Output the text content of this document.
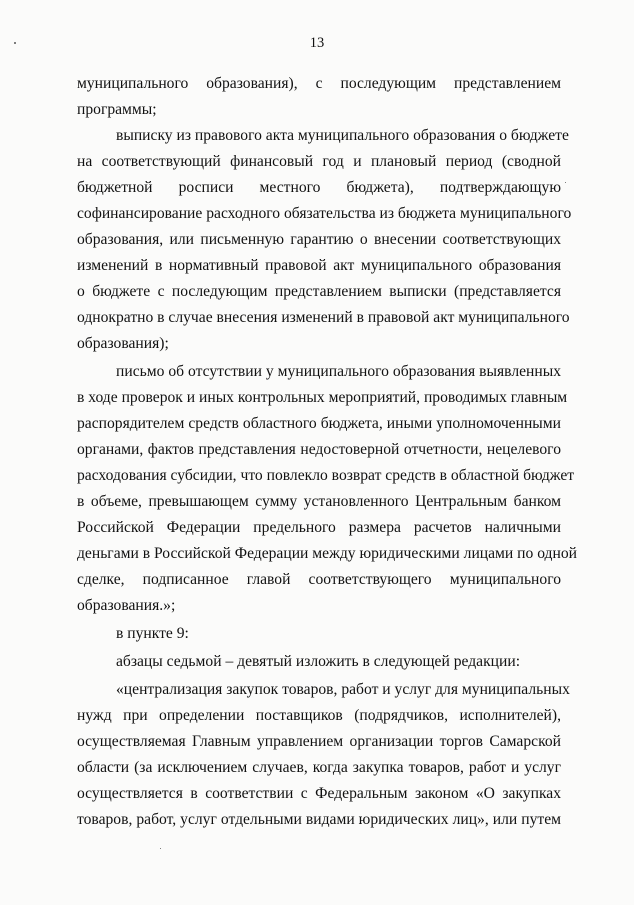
13
муниципального образования), с последующим представлением
программы;
выписку из правового акта муниципального образования о бюджете
на соответствующий финансовый год и плановый период (сводной
бюджетной росписи местного бюджета), подтверждающую
софинансирование расходного обязательства из бюджета муниципального
образования, или письменную гарантию о внесении соответствующих
изменений в нормативный правовой акт муниципального образования
о бюджете с последующим представлением выписки (представляется
однократно в случае внесения изменений в правовой акт муниципального
образования);
письмо об отсутствии у муниципального образования выявленных
в ходе проверок и иных контрольных мероприятий, проводимых главным
распорядителем средств областного бюджета, иными уполномоченными
органами, фактов представления недостоверной отчетности, нецелевого
расходования субсидии, что повлекло возврат средств в областной бюджет
в объеме, превышающем сумму установленного Центральным банком
Российской Федерации предельного размера расчетов наличными
деньгами в Российской Федерации между юридическими лицами по одной
сделке, подписанное главой соответствующего муниципального
образования.»;
в пункте 9:
абзацы седьмой – девятый изложить в следующей редакции:
«централизация закупок товаров, работ и услуг для муниципальных
нужд при определении поставщиков (подрядчиков, исполнителей),
осуществляемая Главным управлением организации торгов Самарской
области (за исключением случаев, когда закупка товаров, работ и услуг
осуществляется в соответствии с Федеральным законом «О закупках
товаров, работ, услуг отдельными видами юридических лиц», или путем
